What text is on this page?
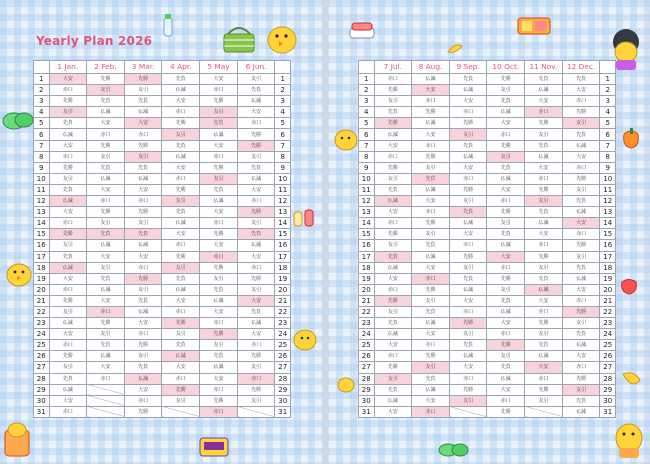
Yearly Plan 2026
	1 Jan.	2 Feb.	3 Mar.	4 Apr.	5 May	6 Jun.	
1	大安	先勝	先勝	先負	大安	友引	1
2	赤口	友引	友引	仏滅	赤口	先負	2
3	先勝	先負	先負	大安	先勝	仏滅	3
4	友引	仏滅	仏滅	赤口	友引	大安	4
5	先負	大安	大安	先勝	先負	赤口	5
6	仏滅	赤口	赤口	友引	仏滅	先勝	6
7	大安	先勝	先勝	先負	大安	先勝	7
8	赤口	友引	友引	仏滅	赤口	友引	8
9	先勝	先負	先負	大安	先勝	先負	9
10	友引	仏滅	仏滅	赤口	友引	仏滅	10
11	先負	大安	大安	先勝	先負	大安	11
12	仏滅	赤口	赤口	友引	仏滅	赤口	12
13	大安	先勝	先勝	先負	大安	先勝	13
14	赤口	友引	友引	仏滅	赤口	友引	14
15	先勝	先負	先負	大安	先勝	先負	15
16	友引	仏滅	仏滅	赤口	大安	仏滅	16
17	先負	大安	大安	先勝	赤口	大安	17
18	仏滅	友引	赤口	友引	先勝	赤口	18
19	大安	先負	先勝	先負	友引	先勝	19
20	赤口	仏滅	友引	仏滅	先負	友引	20
21	先勝	大安	先負	大安	仏滅	大安	21
22	友引	赤口	仏滅	赤口	大安	先負	22
23	仏滅	先勝	大安	先勝	赤口	仏滅	23
24	大安	友引	赤口	友引	先勝	大安	24
25	赤口	先負	先勝	先負	友引	赤口	25
26	先勝	仏滅	友引	仏滅	先負	先勝	26
27	友引	大安	先負	大安	仏滅	友引	27
28	先負	赤口	仏滅	赤口	大安	赤口	28
29	仏滅		大安	先勝	赤口	先勝	29
30	大安		赤口	友引	先勝	友引	30
31	赤口		先勝		赤口		31
	7 Jul.	8 Aug.	9 Sep.	10 Oct.	11 Nov.	12 Dec.	
1	赤口	仏滅	先負	先勝	先負	先負	1
2	先勝	大安	仏滅	友引	仏滅	大安	2
3	友引	赤口	大安	先負	大安	赤口	3
4	先負	先勝	赤口	仏滅	赤口	先勝	4
5	先勝	仏滅	先勝	大安	先勝	友引	5
6	仏滅	大安	友引	赤口	友引	先負	6
7	大安	赤口	先負	先勝	先負	仏滅	7
8	赤口	先勝	仏滅	友引	仏滅	大安	8
9	先勝	友引	大安	先負	大安	赤口	9
10	友引	先負	赤口	仏滅	赤口	先勝	10
11	先負	仏滅	先勝	大安	先勝	友引	11
12	仏滅	大安	友引	赤口	友引	先負	12
13	大安	赤口	先負	先勝	先負	仏滅	13
14	赤口	先勝	仏滅	友引	仏滅	大安	14
15	先勝	友引	大安	先負	大安	赤口	15
16	友引	先負	赤口	仏滅	赤口	先勝	16
17	先負	仏滅	先勝	大安	先勝	友引	17
18	仏滅	大安	友引	赤口	友引	先負	18
19	大安	赤口	先負	先勝	先負	仏滅	19
20	赤口	先勝	仏滅	友引	仏滅	大安	20
21	先勝	友引	大安	先負	大安	赤口	21
22	友引	先負	赤口	仏滅	赤口	先勝	22
23	先負	仏滅	先勝	大安	先勝	友引	23
24	仏滅	大安	友引	赤口	友引	先負	24
25	大安	赤口	先負	先勝	先負	仏滅	25
26	赤口	先勝	仏滅	友引	仏滅	大安	26
27	先勝	友引	大安	先負	大安	赤口	27
28	友引	先負	赤口	仏滅	赤口	先勝	28
29	先負	仏滅	先勝	大安	先勝	友引	29
30	仏滅	大安	友引	赤口	友引	先負	30
31	大安	赤口		先勝		仏滅	31
